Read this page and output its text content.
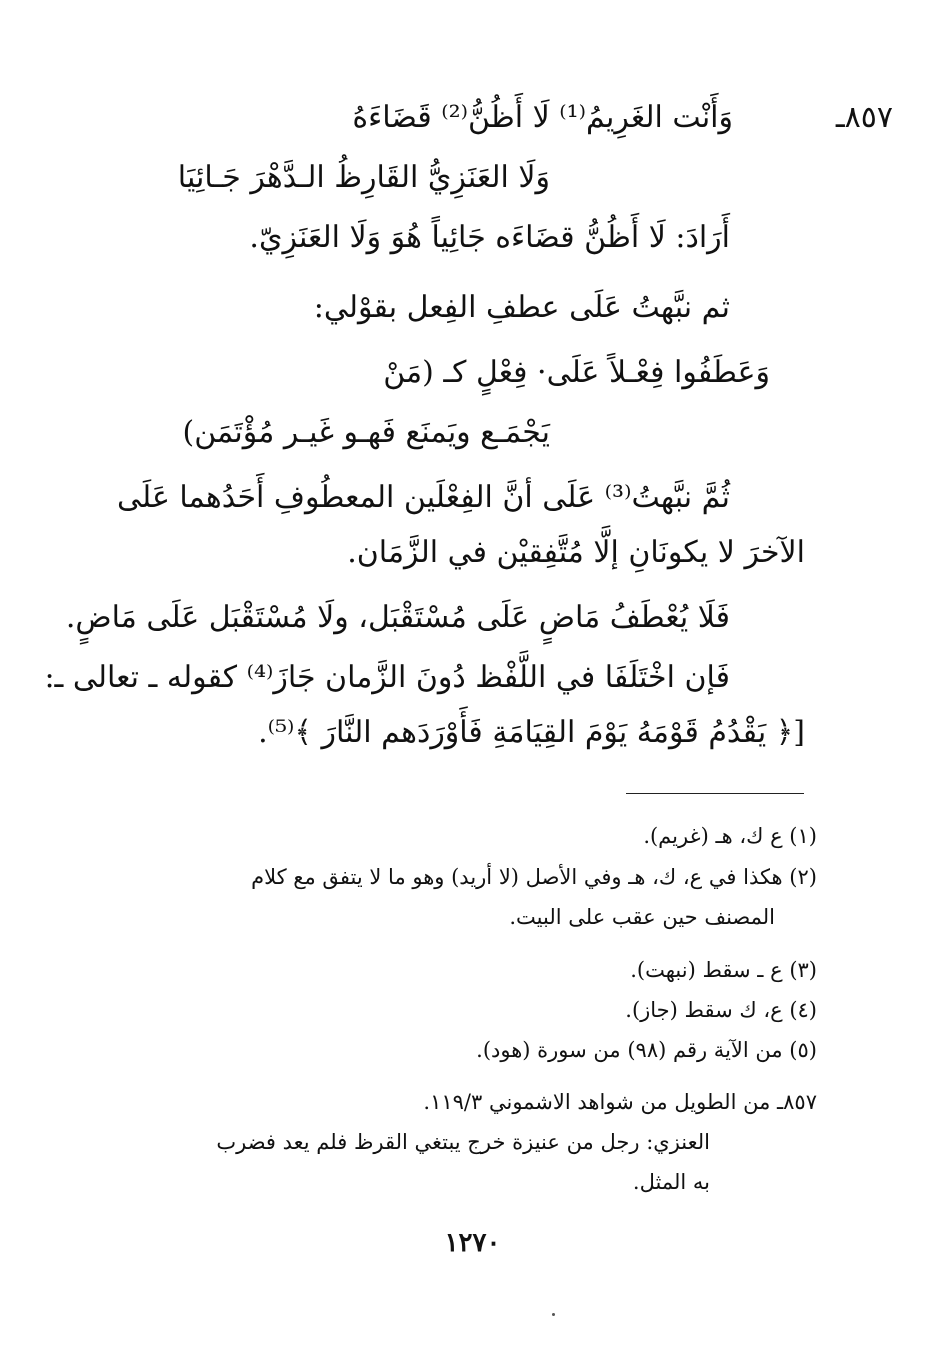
٨٥٧ـ
وَأَنْت الغَرِيمُ⁽¹⁾ لَا أَظُنُّ⁽²⁾ قَضَاءَهُ
وَلَا العَنَزِيُّ القَارِظُ الـدَّهْرَ جَـائِيَا
أَرَادَ: لَا أَظُنُّ قضَاءَه جَائِياً هُوَ وَلَا العَنَزِيّ.
ثم نبَّهتُ عَلَى عطفِ الفِعل بقوْلي:
وَعَطَفُوا فِعْـلاً عَلَى· فِعْلٍ كـ (مَنْ
يَجْمَـع ويَمنَع فَهـو غَيـر مُؤْتَمَن)
ثُمَّ نبَّهتُ⁽³⁾ عَلَى أنَّ الفِعْلَين المعطُوفِ أَحَدُهما عَلَى
الآخرَ لا يكونَانِ إلَّا مُتَّفِقيْن في الزَّمَان.
فَلَا يُعْطَفُ مَاضٍ عَلَى مُسْتَقْبَل، ولَا مُسْتَقْبَل عَلَى مَاضٍ.
فَإن اخْتَلَفَا في اللَّفْظ دُونَ الزَّمان جَازَ⁽⁴⁾ كقوله ـ تعالى ـ:
[﴿ يَقْدُمُ قَوْمَهُ يَوْمَ القِيَامَةِ فَأَوْرَدَهم النَّارَ ﴾⁽⁵⁾.
(١) ع ك، هـ (غريم).
(٢) هكذا في ع، ك، هـ وفي الأصل (لا أريد) وهو ما لا يتفق مع كلام
المصنف حين عقب على البيت.
(٣) ع ـ سقط (نبهت).
(٤) ع، ك سقط (جاز).
(٥) من الآية رقم (٩٨) من سورة (هود).
٨٥٧ـ من الطويل من شواهد الاشموني ١١٩/٣.
العنزي: رجل من عنيزة خرج يبتغي القرظ فلم يعد فضرب
به المثل.
١٢٧٠
